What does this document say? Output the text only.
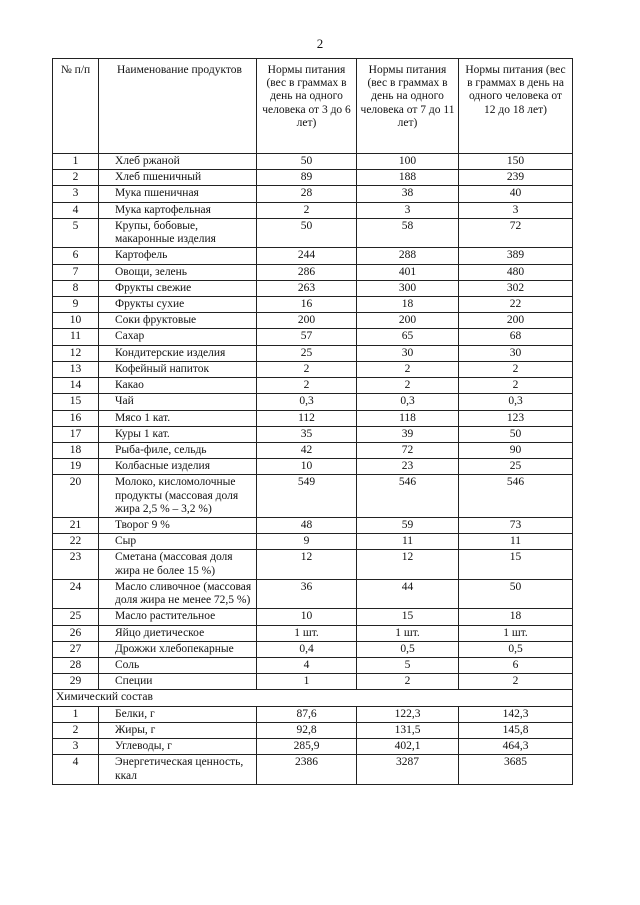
2
№ п/п	Наименование продуктов	Нормы питания (вес в граммах в день на одного человека от 3 до 6 лет)	Нормы питания (вес в граммах в день на одного человека от 7 до 11 лет)	Нормы питания (вес в граммах в день на одного человека от 12 до 18 лет)
1	Хлеб ржаной	50	100	150
2	Хлеб пшеничный	89	188	239
3	Мука пшеничная	28	38	40
4	Мука картофельная	2	3	3
5	Крупы, бобовые, макаронные изделия	50	58	72
6	Картофель	244	288	389
7	Овощи, зелень	286	401	480
8	Фрукты свежие	263	300	302
9	Фрукты сухие	16	18	22
10	Соки фруктовые	200	200	200
11	Сахар	57	65	68
12	Кондитерские изделия	25	30	30
13	Кофейный напиток	2	2	2
14	Какао	2	2	2
15	Чай	0,3	0,3	0,3
16	Мясо 1 кат.	112	118	123
17	Куры 1 кат.	35	39	50
18	Рыба-филе, сельдь	42	72	90
19	Колбасные изделия	10	23	25
20	Молоко, кисломолочные продукты (массовая доля жира 2,5 % – 3,2 %)	549	546	546
21	Творог 9 %	48	59	73
22	Сыр	9	11	11
23	Сметана (массовая доля жира не более 15 %)	12	12	15
24	Масло сливочное (массовая доля жира не менее 72,5 %)	36	44	50
25	Масло растительное	10	15	18
26	Яйцо диетическое	1 шт.	1 шт.	1 шт.
27	Дрожжи хлебопекарные	0,4	0,5	0,5
28	Соль	4	5	6
29	Специи	1	2	2
Химический состав				
1	Белки, г	87,6	122,3	142,3
2	Жиры, г	92,8	131,5	145,8
3	Углеводы, г	285,9	402,1	464,3
4	Энергетическая ценность, ккал	2386	3287	3685
